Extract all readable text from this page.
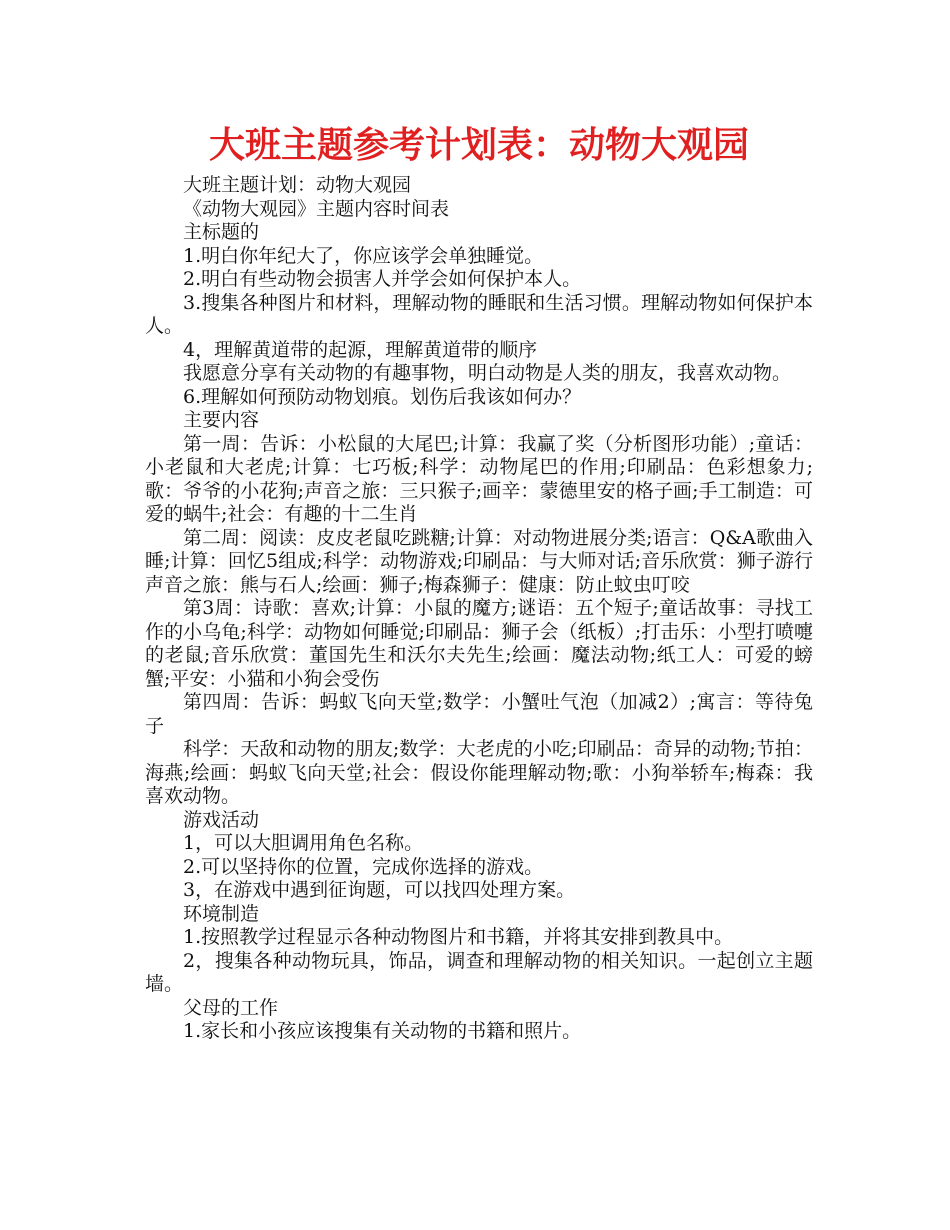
大班主题参考计划表：动物大观园

大班主题计划：动物大观园

《动物大观园》主题内容时间表

主标题的

1.明白你年纪大了，你应该学会单独睡觉。

2.明白有些动物会损害人并学会如何保护本人。

3.搜集各种图片和材料，理解动物的睡眠和生活习惯。理解动物如何保护本人。

4，理解黄道带的起源，理解黄道带的顺序

我愿意分享有关动物的有趣事物，明白动物是人类的朋友，我喜欢动物。

6.理解如何预防动物划痕。划伤后我该如何办？

主要内容

第一周：告诉：小松鼠的大尾巴;计算：我赢了奖（分析图形功能）;童话：小老鼠和大老虎;计算：七巧板;科学：动物尾巴的作用;印刷品：色彩想象力;歌：爷爷的小花狗;声音之旅：三只猴子;画辛：蒙德里安的格子画;手工制造：可爱的蜗牛;社会：有趣的十二生肖

第二周：阅读：皮皮老鼠吃跳糖;计算：对动物进展分类;语言：Q&A歌曲入睡;计算：回忆5组成;科学：动物游戏;印刷品：与大师对话;音乐欣赏：狮子游行声音之旅：熊与石人;绘画：狮子;梅森狮子：健康：防止蚊虫叮咬

第3周：诗歌：喜欢;计算：小鼠的魔方;谜语：五个短子;童话故事：寻找工作的小乌龟;科学：动物如何睡觉;印刷品：狮子会（纸板）;打击乐：小型打喷嚏的老鼠;音乐欣赏：董国先生和沃尔夫先生;绘画：魔法动物;纸工人：可爱的螃蟹;平安：小猫和小狗会受伤

第四周：告诉：蚂蚁飞向天堂;数学：小蟹吐气泡（加减2）;寓言：等待兔子

科学：天敌和动物的朋友;数学：大老虎的小吃;印刷品：奇异的动物;节拍：海燕;绘画：蚂蚁飞向天堂;社会：假设你能理解动物;歌：小狗举轿车;梅森：我喜欢动物。

游戏活动

1，可以大胆调用角色名称。

2.可以坚持你的位置，完成你选择的游戏。

3，在游戏中遇到征询题，可以找四处理方案。

环境制造

1.按照教学过程显示各种动物图片和书籍，并将其安排到教具中。

2，搜集各种动物玩具，饰品，调查和理解动物的相关知识。一起创立主题墙。

父母的工作

1.家长和小孩应该搜集有关动物的书籍和照片。
